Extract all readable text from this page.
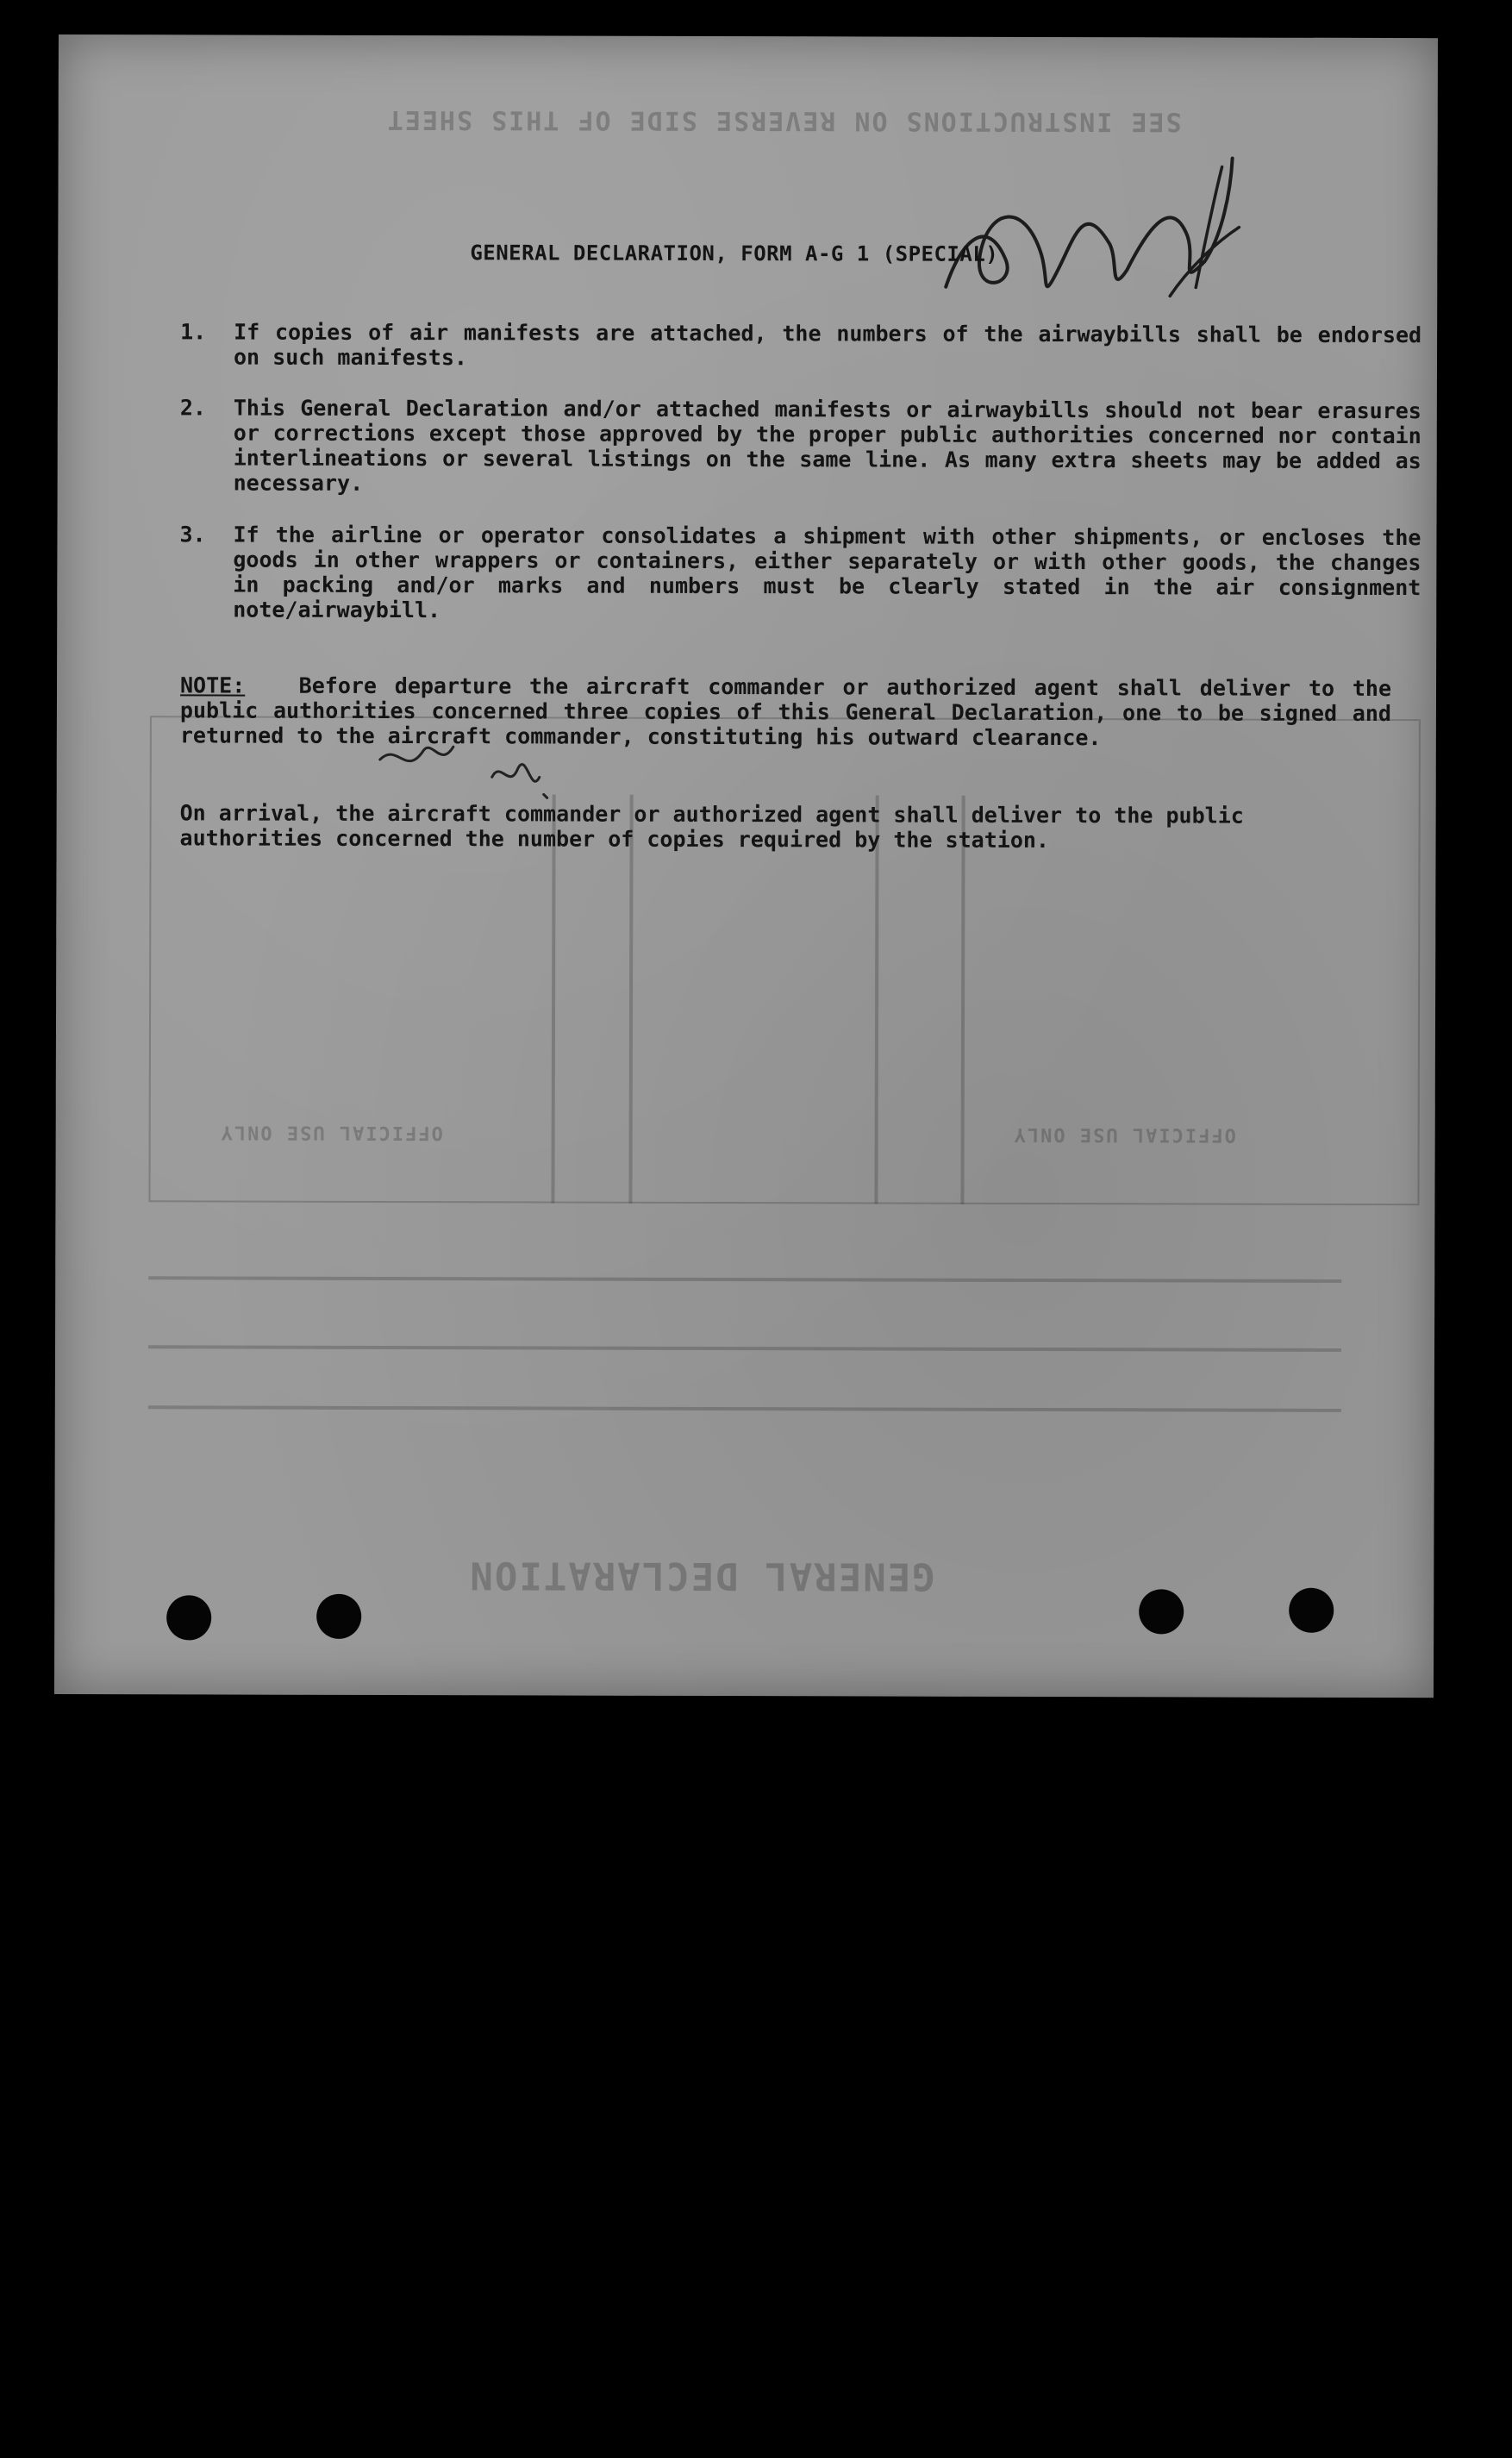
SEE INSTRUCTIONS ON REVERSE SIDE OF THIS SHEET
GENERAL DECLARATION
OFFICIAL USE ONLY	OFFICIAL USE ONLY
GENERAL DECLARATION, FORM A-G 1 (SPECIAL)
1.	If copies of air manifests are attached, the numbers of the airwaybills shall be endorsed on such manifests.
2.	This General Declaration and/or attached manifests or airwaybills should not bear erasures or corrections except those approved by the proper public authorities concerned nor contain interlineations or several listings on the same line. As many extra sheets may be added as necessary.
3.	If the airline or operator consolidates a shipment with other shipments, or encloses the goods in other wrappers or containers, either separately or with other goods, the changes in packing and/or marks and numbers must be clearly stated in the air consignment note/airwaybill.
NOTE: Before departure the aircraft commander or authorized agent shall deliver to the public authorities concerned three copies of this General Declaration, one to be signed and returned to the aircraft commander, constituting his outward clearance.
On arrival, the aircraft commander or authorized agent shall deliver to the public authorities concerned the number of copies required by the station.
